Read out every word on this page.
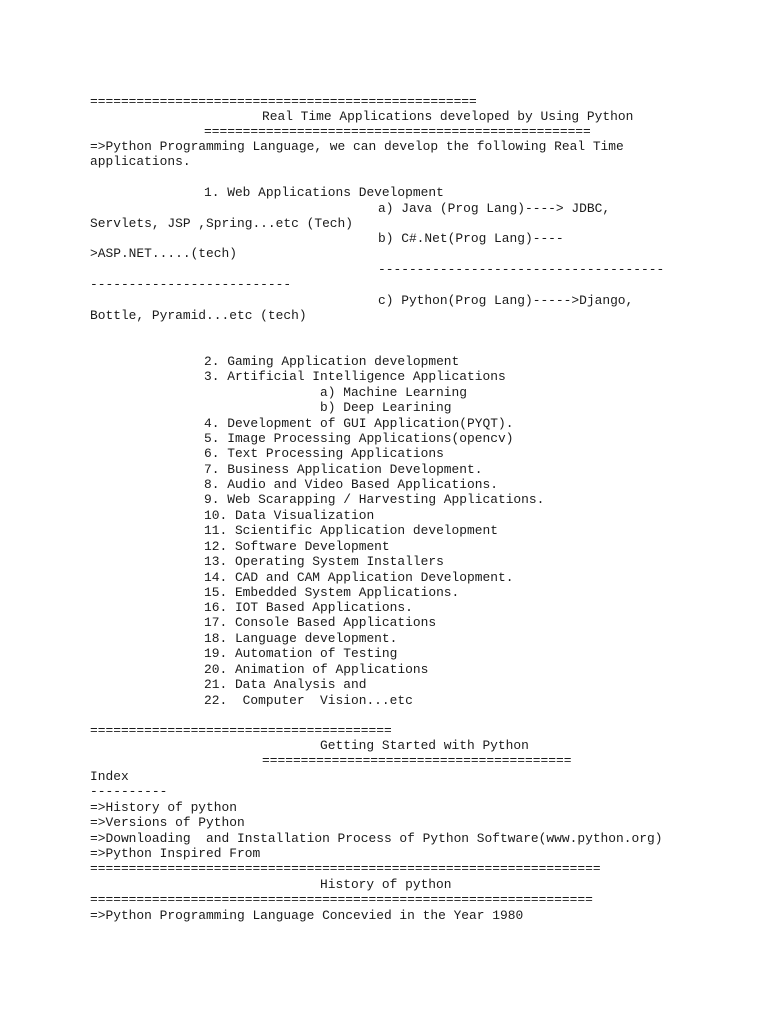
==================================================
Real Time Applications developed by Using Python
==================================================
=>Python Programming Language, we can develop the following Real Time
applications.
1. Web Applications Development
a) Java (Prog Lang)----> JDBC,
Servlets, JSP ,Spring...etc (Tech)
b) C#.Net(Prog Lang)----
>ASP.NET.....(tech)
-------------------------------------
--------------------------
c) Python(Prog Lang)----->Django,
Bottle, Pyramid...etc (tech)
2. Gaming Application development
3. Artificial Intelligence Applications
a) Machine Learning
b) Deep Learining
4. Development of GUI Application(PYQT).
5. Image Processing Applications(opencv)
6. Text Processing Applications
7. Business Application Development.
8. Audio and Video Based Applications.
9. Web Scarapping / Harvesting Applications.
10. Data Visualization
11. Scientific Application development
12. Software Development
13. Operating System Installers
14. CAD and CAM Application Development.
15. Embedded System Applications.
16. IOT Based Applications.
17. Console Based Applications
18. Language development.
19. Automation of Testing
20. Animation of Applications
21. Data Analysis and
22.  Computer  Vision...etc
=======================================
Getting Started with Python
========================================
Index
----------
=>History of python
=>Versions of Python
=>Downloading  and Installation Process of Python Software(www.python.org)
=>Python Inspired From
==================================================================
History of python
=================================================================
=>Python Programming Language Concevied in the Year 1980
